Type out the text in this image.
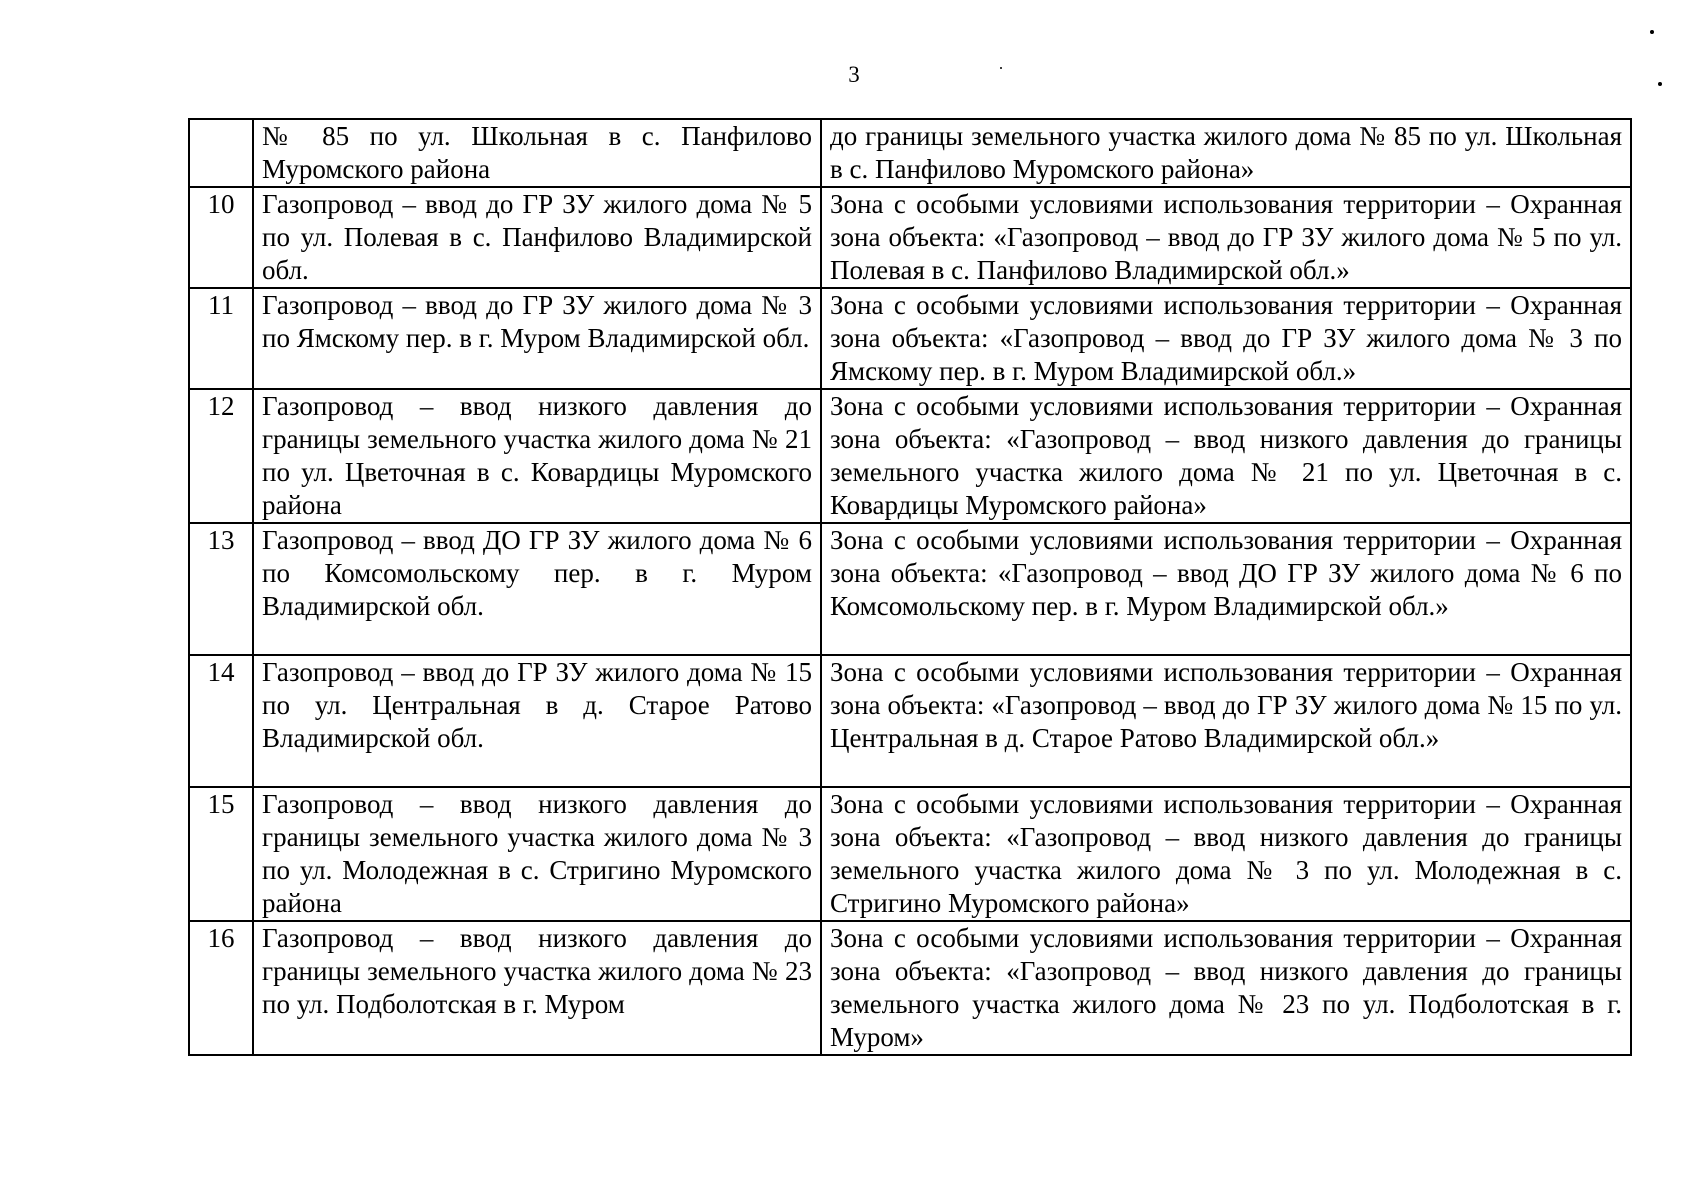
3
	№ 85 по ул. Школьная в с. Панфилово Муромского района	до границы земельного участка жилого дома № 85 по ул. Школьная в с. Панфилово Муромского района»
10	Газопровод – ввод до ГР ЗУ жилого дома № 5 по ул. Полевая в с. Панфилово Владимирской обл.	Зона с особыми условиями использования территории – Охранная зона объекта: «Газопровод – ввод до ГР ЗУ жилого дома № 5 по ул. Полевая в с. Панфилово Владимирской обл.»
11	Газопровод – ввод до ГР ЗУ жилого дома № 3 по Ямскому пер. в г. Муром Владимирской обл.	Зона с особыми условиями использования территории – Охранная зона объекта: «Газопровод – ввод до ГР ЗУ жилого дома № 3 по Ямскому пер. в г. Муром Владимирской обл.»
12	Газопровод – ввод низкого давления до границы земельного участка жилого дома № 21 по ул. Цветочная в с. Ковардицы Муромского района	Зона с особыми условиями использования территории – Охранная зона объекта: «Газопровод – ввод низкого давления до границы земельного участка жилого дома № 21 по ул. Цветочная в с. Ковардицы Муромского района»
13	Газопровод – ввод ДО ГР ЗУ жилого дома № 6 по Комсомольскому пер. в г. Муром Владимирской обл.	Зона с особыми условиями использования территории – Охранная зона объекта: «Газопровод – ввод ДО ГР ЗУ жилого дома № 6 по Комсомольскому пер. в г. Муром Владимирской обл.»
14	Газопровод – ввод до ГР ЗУ жилого дома № 15 по ул. Центральная в д. Старое Ратово Владимирской обл.	Зона с особыми условиями использования территории – Охранная зона объекта: «Газопровод – ввод до ГР ЗУ жилого дома № 15 по ул. Центральная в д. Старое Ратово Владимирской обл.»
15	Газопровод – ввод низкого давления до границы земельного участка жилого дома № 3 по ул. Молодежная в с. Стригино Муромского района	Зона с особыми условиями использования территории – Охранная зона объекта: «Газопровод – ввод низкого давления до границы земельного участка жилого дома № 3 по ул. Молодежная в с. Стригино Муромского района»
16	Газопровод – ввод низкого давления до границы земельного участка жилого дома № 23 по ул. Подболотская в г. Муром	Зона с особыми условиями использования территории – Охранная зона объекта: «Газопровод – ввод низкого давления до границы земельного участка жилого дома № 23 по ул. Подболотская в г. Муром»
